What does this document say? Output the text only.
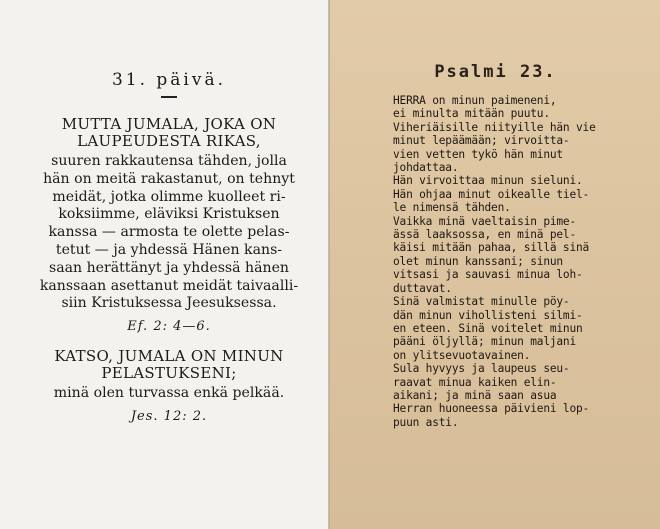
31. päivä.
MUTTA JUMALA, JOKA ON
LAUPEUDESTA RIKAS,

suuren rakkautensa tähden, jolla
hän on meitä rakastanut, on tehnyt
meidät, jotka olimme kuolleet ri-
koksiimme, eläviksi Kristuksen
kanssa — armosta te olette pelas-
tetut — ja yhdessä Hänen kans-
saan herättänyt ja yhdessä hänen
kanssaan asettanut meidät taivaalli-
siin Kristuksessa Jeesuksessa.

Ef. 2: 4—6.
KATSO, JUMALA ON MINUN
PELASTUKSENI;

minä olen turvassa enkä pelkää.

Jes. 12: 2.
Psalmi 23.
HERRA on minun paimeneni,
ei minulta mitään puutu.
Viheriäisille niityille hän vie
minut lepäämään; virvoitta-
vien vetten tykö hän minut
johdattaa.
Hän virvoittaa minun sieluni.
Hän ohjaa minut oikealle tiel-
le nimensä tähden.
Vaikka minä vaeltaisin pime-
ässä laaksossa, en minä pel-
käisi mitään pahaa, sillä sinä
olet minun kanssani; sinun
vitsasi ja sauvasi minua loh-
duttavat.
Sinä valmistat minulle pöy-
dän minun vihollisteni silmi-
en eteen. Sinä voitelet minun
pääni öljyllä; minun maljani
on ylitsevuotavainen.
Sula hyvyys ja laupeus seu-
raavat minua kaiken elin-
aikani; ja minä saan asua
Herran huoneessa päivieni lop-
puun asti.
